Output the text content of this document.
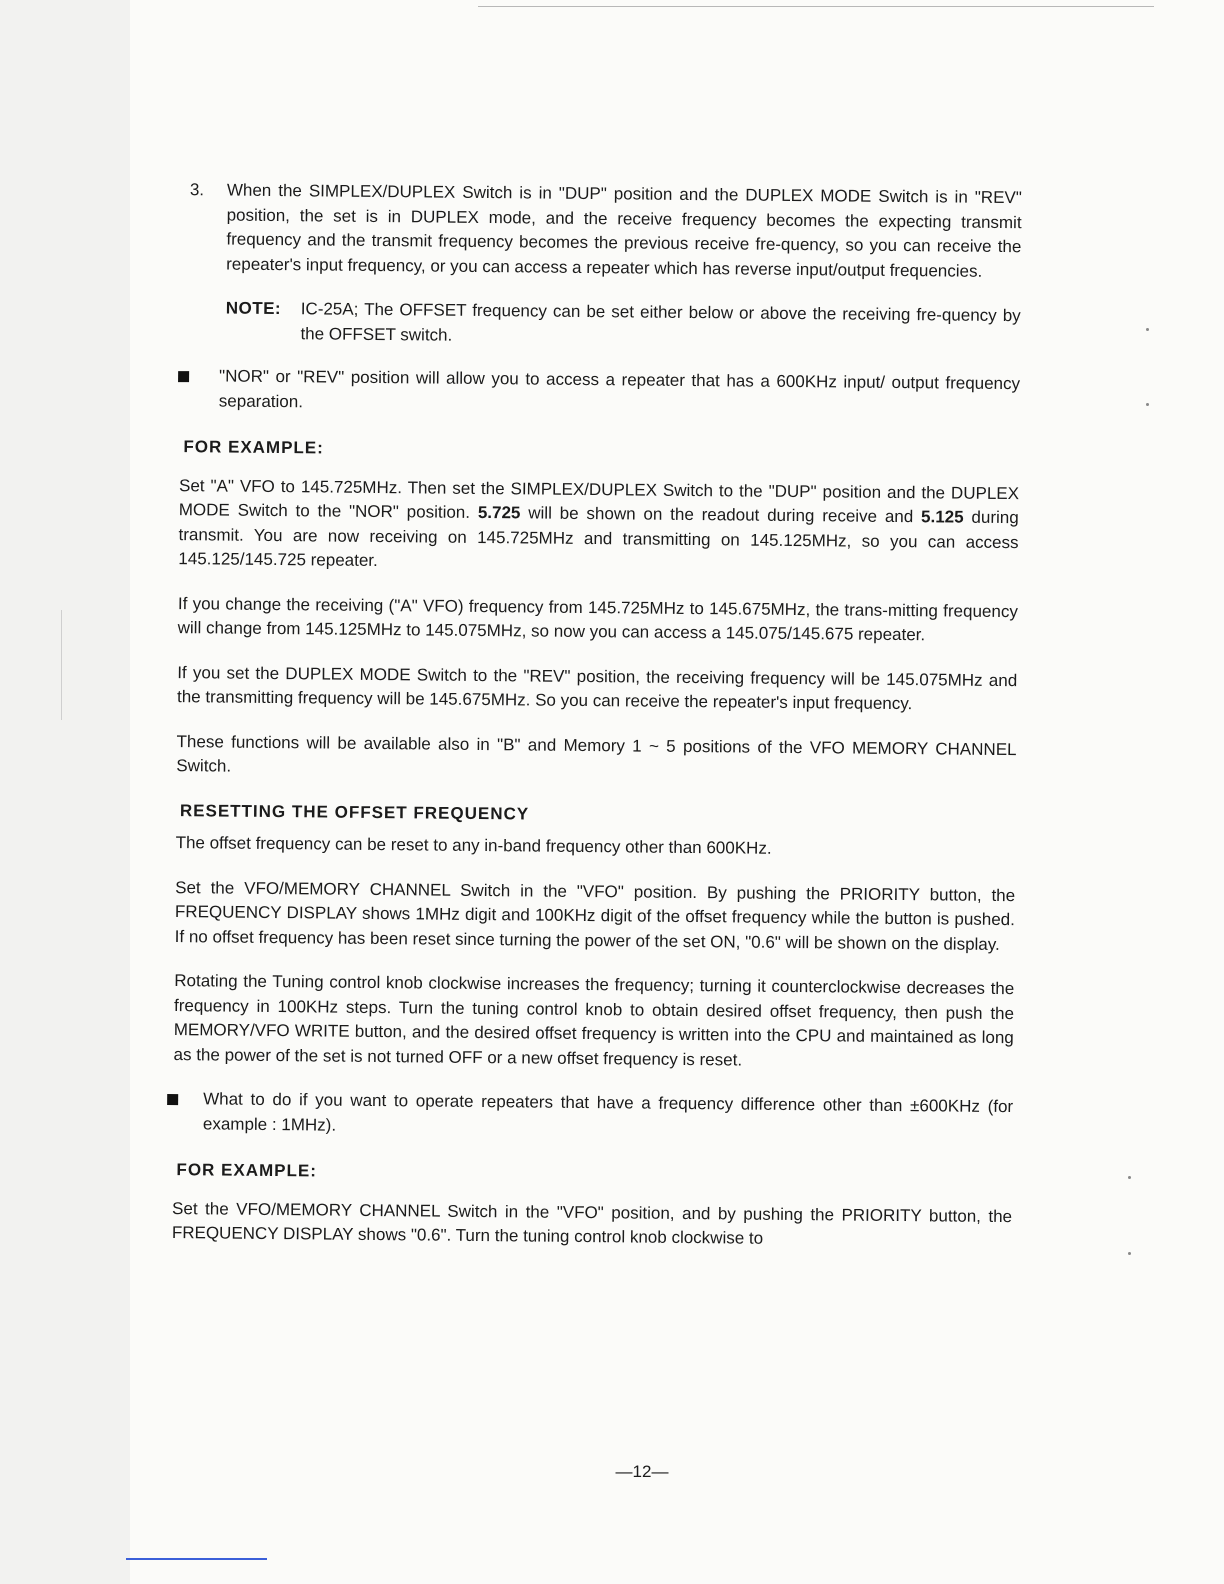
3.	When the SIMPLEX/DUPLEX Switch is in "DUP" position and the DUPLEX MODE Switch is in "REV" position, the set is in DUPLEX mode, and the receive frequency becomes the expecting transmit frequency and the transmit frequency becomes the previous receive fre-quency, so you can receive the repeater's input frequency, or you can access a repeater which has reverse input/output frequencies.
NOTE:	IC-25A; The OFFSET frequency can be set either below or above the receiving fre-quency by the OFFSET switch.
"NOR" or "REV" position will allow you to access a repeater that has a 600KHz input/ output frequency separation.
FOR EXAMPLE:

Set "A" VFO to 145.725MHz. Then set the SIMPLEX/DUPLEX Switch to the "DUP" position and the DUPLEX MODE Switch to the "NOR" position. 5.725 will be shown on the readout during receive and 5.125 during transmit. You are now receiving on 145.725MHz and transmitting on 145.125MHz, so you can access 145.125/145.725 repeater.

If you change the receiving ("A" VFO) frequency from 145.725MHz to 145.675MHz, the trans-mitting frequency will change from 145.125MHz to 145.075MHz, so now you can access a 145.075/145.675 repeater.

If you set the DUPLEX MODE Switch to the "REV" position, the receiving frequency will be 145.075MHz and the transmitting frequency will be 145.675MHz. So you can receive the repeater's input frequency.

These functions will be available also in "B" and Memory 1 ~ 5 positions of the VFO MEMORY CHANNEL Switch.

RESETTING THE OFFSET FREQUENCY

The offset frequency can be reset to any in-band frequency other than 600KHz.

Set the VFO/MEMORY CHANNEL Switch in the "VFO" position. By pushing the PRIORITY button, the FREQUENCY DISPLAY shows 1MHz digit and 100KHz digit of the offset frequency while the button is pushed. If no offset frequency has been reset since turning the power of the set ON, "0.6" will be shown on the display.

Rotating the Tuning control knob clockwise increases the frequency; turning it counterclockwise decreases the frequency in 100KHz steps. Turn the tuning control knob to obtain desired offset frequency, then push the MEMORY/VFO WRITE button, and the desired offset frequency is written into the CPU and maintained as long as the power of the set is not turned OFF or a new offset frequency is reset.

What to do if you want to operate repeaters that have a frequency difference other than ±600KHz (for example : 1MHz).
FOR EXAMPLE:

Set the VFO/MEMORY CHANNEL Switch in the "VFO" position, and by pushing the PRIORITY button, the FREQUENCY DISPLAY shows "0.6". Turn the tuning control knob clockwise to

—12—
